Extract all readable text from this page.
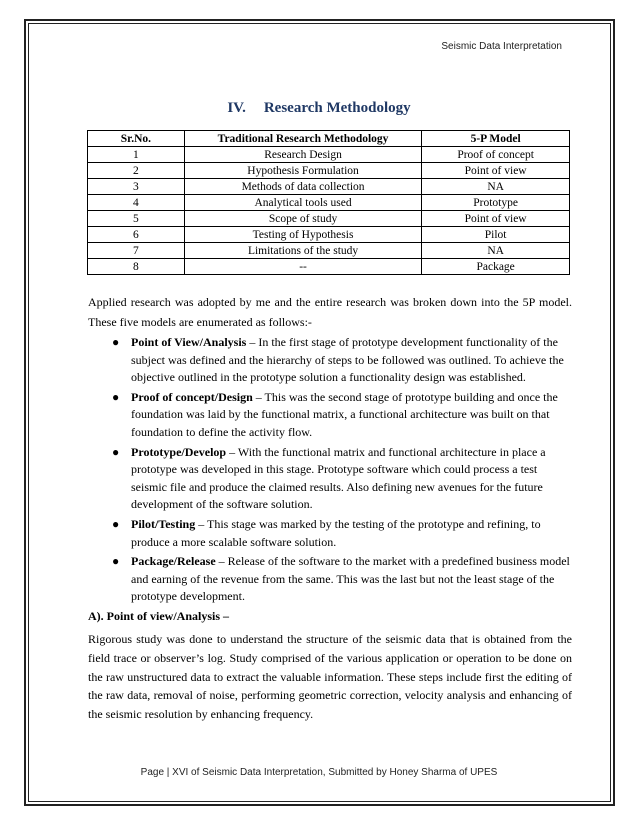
Seismic Data Interpretation
IV. Research Methodology
Sr.No.	Traditional Research Methodology	5-P Model
1	Research Design	Proof of concept
2	Hypothesis Formulation	Point of view
3	Methods of data collection	NA
4	Analytical tools used	Prototype
5	Scope of study	Point of view
6	Testing of Hypothesis	Pilot
7	Limitations of the study	NA
8	--	Package
Applied research was adopted by me and the entire research was broken down into the 5P model. These five models are enumerated as follows:-
● Point of View/Analysis – In the first stage of prototype development functionality of the subject was defined and the hierarchy of steps to be followed was outlined. To achieve the objective outlined in the prototype solution a functionality design was established.
● Proof of concept/Design – This was the second stage of prototype building and once the foundation was laid by the functional matrix, a functional architecture was built on that foundation to define the activity flow.
● Prototype/Develop – With the functional matrix and functional architecture in place a prototype was developed in this stage. Prototype software which could process a test seismic file and produce the claimed results. Also defining new avenues for the future development of the software solution.
● Pilot/Testing – This stage was marked by the testing of the prototype and refining, to produce a more scalable software solution.
● Package/Release – Release of the software to the market with a predefined business model and earning of the revenue from the same. This was the last but not the least stage of the prototype development.
A). Point of view/Analysis –
Rigorous study was done to understand the structure of the seismic data that is obtained from the field trace or observer’s log. Study comprised of the various application or operation to be done on the raw unstructured data to extract the valuable information. These steps include first the editing of the raw data, removal of noise, performing geometric correction, velocity analysis and enhancing of the seismic resolution by enhancing frequency.
Page | XVI of Seismic Data Interpretation, Submitted by Honey Sharma of UPES
